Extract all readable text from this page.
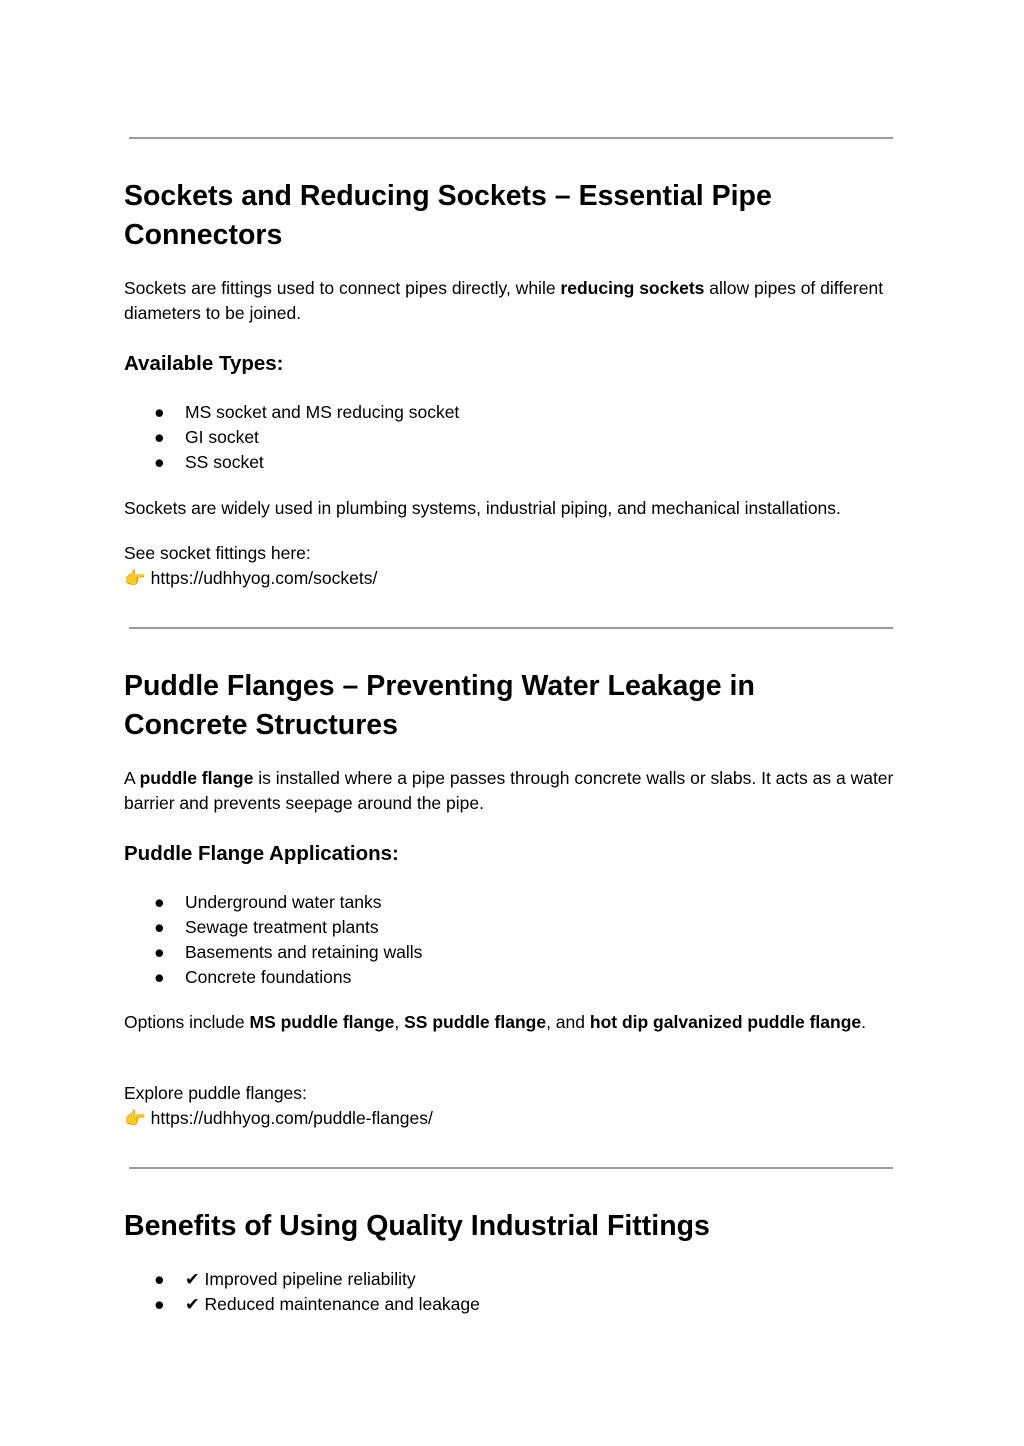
Sockets and Reducing Sockets – Essential Pipe Connectors
Sockets are fittings used to connect pipes directly, while reducing sockets allow pipes of different diameters to be joined.
Available Types:
● MS socket and MS reducing socket
● GI socket
● SS socket
Sockets are widely used in plumbing systems, industrial piping, and mechanical installations.
See socket fittings here:
👉 https://udhhyog.com/sockets/
Puddle Flanges – Preventing Water Leakage in Concrete Structures
A puddle flange is installed where a pipe passes through concrete walls or slabs. It acts as a water barrier and prevents seepage around the pipe.
Puddle Flange Applications:
● Underground water tanks
● Sewage treatment plants
● Basements and retaining walls
● Concrete foundations
Options include MS puddle flange, SS puddle flange, and hot dip galvanized puddle flange.
Explore puddle flanges:
👉 https://udhhyog.com/puddle-flanges/
Benefits of Using Quality Industrial Fittings
● ✔ Improved pipeline reliability
● ✔ Reduced maintenance and leakage
